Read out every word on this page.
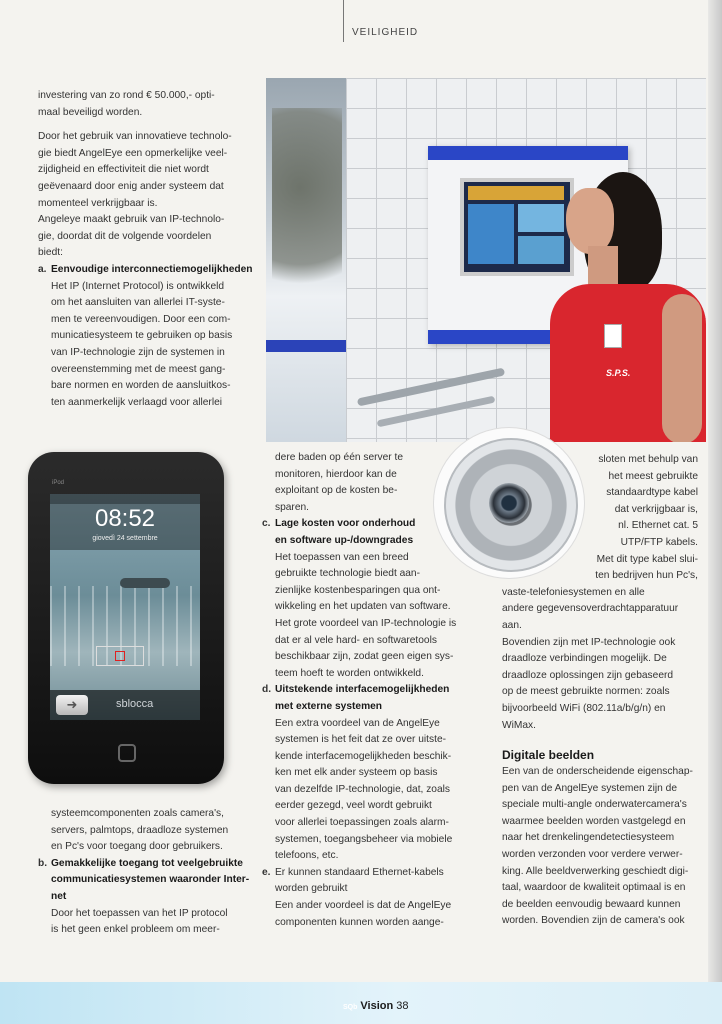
VEILIGHEID
investering van zo rond € 50.000,- opti-
maal beveiligd worden.
Door het gebruik van innovatieve technolo-
gie biedt AngelEye een opmerkelijke veel-
zijdigheid en effectiviteit die niet wordt
geëvenaard door enig ander systeem dat
momenteel verkrijgbaar is.
Angeleye maakt gebruik van IP-technolo-
gie, doordat dit de volgende voordelen
biedt:
a. Eenvoudige interconnectiemogelijkheden
Het IP (Internet Protocol) is ontwikkeld
om het aansluiten van allerlei IT-syste-
men te vereenvoudigen. Door een com-
municatiesysteem te gebruiken op basis
van IP-technologie zijn de systemen in
overeenstemming met de meest gang-
bare normen en worden de aansluitkos-
ten aanmerkelijk verlaagd voor allerlei
systeemcomponenten zoals camera's,
servers, palmtops, draadloze systemen
en Pc's voor toegang door gebruikers.
b. Gemakkelijke toegang tot veelgebruikte
communicatiesystemen waaronder Inter-
net
Door het toepassen van het IP protocol
is het geen enkel probleem om meer-
dere baden op één server te
monitoren, hierdoor kan de
exploitant op de kosten be-
sparen.
c. Lage kosten voor onderhoud
en software up-/downgrades
Het toepassen van een breed
gebruikte technologie biedt aan-
zienlijke kostenbesparingen qua ont-
wikkeling en het updaten van software.
Het grote voordeel van IP-technologie is
dat er al vele hard- en softwaretools
beschikbaar zijn, zodat geen eigen sys-
teem hoeft te worden ontwikkeld.
d. Uitstekende interfacemogelijkheden
met externe systemen
Een extra voordeel van de AngelEye
systemen is het feit dat ze over uitste-
kende interfacemogelijkheden beschik-
ken met elk ander systeem op basis
van dezelfde IP-technologie, dat, zoals
eerder gezegd, veel wordt gebruikt
voor allerlei toepassingen zoals alarm-
systemen, toegangsbeheer via mobiele
telefoons, etc.
e. Er kunnen standaard Ethernet-kabels
worden gebruikt
Een ander voordeel is dat de AngelEye
componenten kunnen worden aange-
sloten met behulp van
het meest gebruikte
standaardtype kabel
dat verkrijgbaar is,
nl. Ethernet cat. 5
UTP/FTP kabels.
Met dit type kabel slui-
ten bedrijven hun Pc's,
vaste-telefoniesystemen en alle
andere gegevensoverdrachtapparatuur
aan.
Bovendien zijn met IP-technologie ook
draadloze verbindingen mogelijk. De
draadloze oplossingen zijn gebaseerd
op de meest gebruikte normen: zoals
bijvoorbeeld WiFi (802.11a/b/g/n) en
WiMax.
Digitale beelden
Een van de onderscheidende eigenschap-
pen van de AngelEye systemen zijn de
speciale multi-angle onderwatercamera's
waarmee beelden worden vastgelegd en
naar het drenkelingendetectiesysteem
worden verzonden voor verdere verwer-
king. Alle beeldverwerking geschiedt digi-
taal, waardoor de kwaliteit optimaal is en
de beelden eenvoudig bewaard kunnen
worden. Bovendien zijn de camera's ook
S.P.S.
iPod
08:52
giovedì 24 settembre
➜	sblocca
SQb Vision 38
